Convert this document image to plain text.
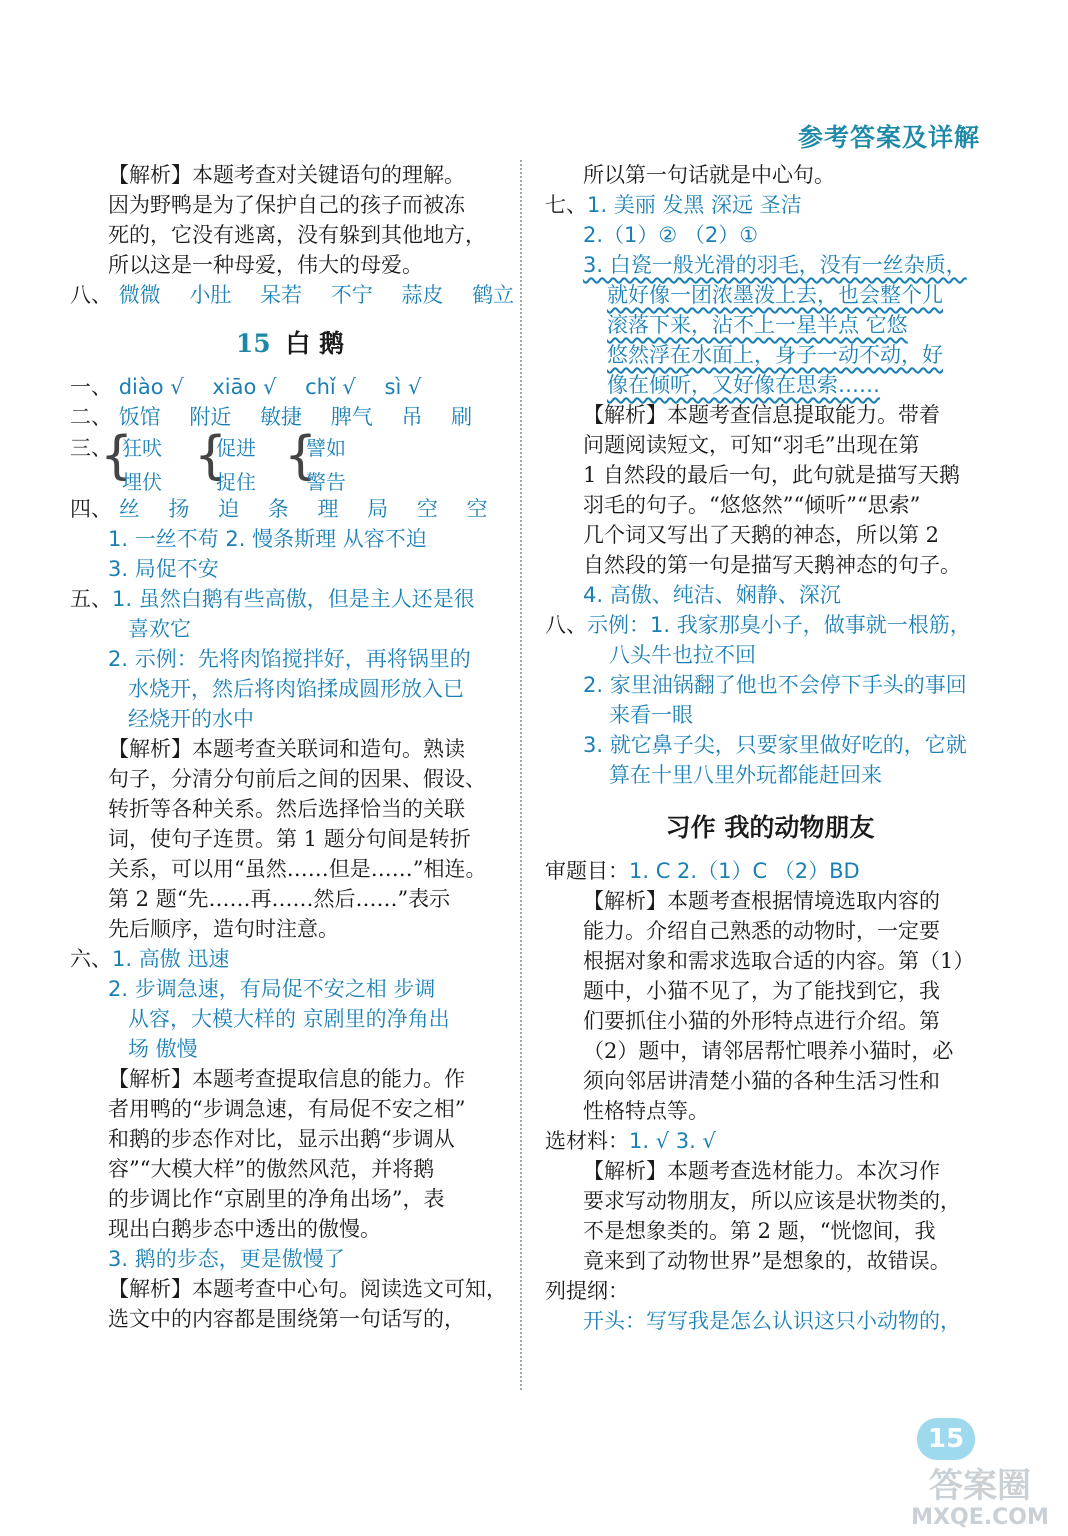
参考答案及详解
【解析】本题考查对关键语句的理解。
因为野鸭是为了保护自己的孩子而被冻
死的，它没有逃离，没有躲到其他地方，
所以这是一种母爱，伟大的母爱。
八、 微微 小肚 呆若 不宁 蒜皮 鹤立
15 白 鹅
一、 diào √ xiāo √ chǐ √ sì √
二、 饭馆 附近 敏捷 脾气 吊 刷
三、
{
狂吠
埋伏 {
促进
捉住 {
譬如
警告
四、 丝 扬 迫 条 理 局 空 空
1. 一丝不苟 2. 慢条斯理 从容不迫
3. 局促不安
五、1. 虽然白鹅有些高傲，但是主人还是很
喜欢它
2. 示例：先将肉馅搅拌好，再将锅里的
水烧开，然后将肉馅揉成圆形放入已
经烧开的水中
【解析】本题考查关联词和造句。熟读
句子，分清分句前后之间的因果、假设、
转折等各种关系。然后选择恰当的关联
词，使句子连贯。第 1 题分句间是转折
关系，可以用“虽然……但是……”相连。
第 2 题“先……再……然后……”表示
先后顺序，造句时注意。
六、1. 高傲 迅速
2. 步调急速，有局促不安之相 步调
从容，大模大样的 京剧里的净角出
场 傲慢
【解析】本题考查提取信息的能力。作
者用鸭的“步调急速，有局促不安之相”
和鹅的步态作对比，显示出鹅“步调从
容”“大模大样”的傲然风范，并将鹅
的步调比作“京剧里的净角出场”，表
现出白鹅步态中透出的傲慢。
3. 鹅的步态，更是傲慢了
【解析】本题考查中心句。阅读选文可知，
选文中的内容都是围绕第一句话写的，
所以第一句话就是中心句。
七、1. 美丽 发黑 深远 圣洁
2.（1）② （2）①
3. 白瓷一般光滑的羽毛，没有一丝杂质，
就好像一团浓墨泼上去，也会整个儿
滚落下来，沾不上一星半点 它悠
悠然浮在水面上，身子一动不动，好
像在倾听，又好像在思索……
【解析】本题考查信息提取能力。带着
问题阅读短文，可知“羽毛”出现在第
1 自然段的最后一句，此句就是描写天鹅
羽毛的句子。“悠悠然”“倾听”“思索”
几个词又写出了天鹅的神态，所以第 2
自然段的第一句是描写天鹅神态的句子。
4. 高傲、纯洁、娴静、深沉
八、示例：1. 我家那臭小子，做事就一根筋，
八头牛也拉不回
2. 家里油锅翻了他也不会停下手头的事回
来看一眼
3. 就它鼻子尖，只要家里做好吃的，它就
算在十里八里外玩都能赶回来
习作 我的动物朋友
审题目：1. C 2.（1）C （2）BD
【解析】本题考查根据情境选取内容的
能力。介绍自己熟悉的动物时，一定要
根据对象和需求选取合适的内容。第（1）
题中，小猫不见了，为了能找到它，我
们要抓住小猫的外形特点进行介绍。第
（2）题中，请邻居帮忙喂养小猫时，必
须向邻居讲清楚小猫的各种生活习性和
性格特点等。
选材料：1. √ 3. √
【解析】本题考查选材能力。本次习作
要求写动物朋友，所以应该是状物类的，
不是想象类的。第 2 题，“恍惚间，我
竟来到了动物世界”是想象的，故错误。
列提纲：
开头：写写我是怎么认识这只小动物的，
15
答案圈
MXQE.COM
